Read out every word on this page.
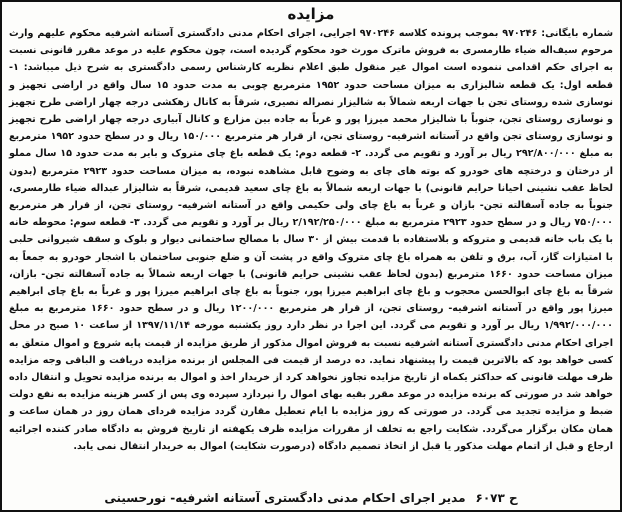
مزایده
شماره بایگانی: ۹۷۰۲۴۶ بموجب پرونده کلاسه ۹۷۰۲۴۶ اجرایی، اجرای احکام مدنی دادگستری آستانه اشرفیه محکوم علیهم وارث مرحوم سیف‌اله ضیاء طارمسری به فروش ماترک مورث خود محکوم گردیده است، چون محکوم علیه در موعد مقرر قانونی نسبت به اجرای حکم اقدامی ننموده است اموال غیر منقول طبق اعلام نظریه کارشناس رسمی دادگستری به شرح ذیل میباشد: ۱- قطعه اول: یک قطعه شالیزاری به میزان مساحت حدود ۱۹۵۲ مترمربع چوبی به مدت حدود ۱۵ سال واقع در اراضی تجهیز و نوسازی شده روستای تجن با جهات اربعه شمالاً به شالیزار نصراله نصیری، شرقاً به کانال زهکشی درجه چهار اراضی طرح تجهیز و نوسازی روستای تجن، جنوباً با شالیزار محمد میرزا پور و غرباً به جاده بین مزارع و کانال آبیاری درجه چهار اراضی طرح تجهیز و نوسازی روستای تجن واقع در آستانه اشرفیه- روستای تجن، از قرار هر مترمربع ۱۵۰/۰۰۰ ریال و در سطح حدود ۱۹۵۲ مترمربع به مبلغ ۲۹۲/۸۰۰/۰۰۰ ریال بر آورد و تقویم می گردد. ۲- قطعه دوم: یک قطعه باغ چای متروک و بایر به مدت حدود ۱۵ سال مملو از درختان و درختچه های خودرو که بوته های چای به وضوح قابل مشاهده نبوده، به میزان مساحت حدود ۲۹۲۳ مترمربع (بدون لحاظ عقب نشینی احیانا حرایم قانونی) با جهات اربعه شمالاً به باغ چای سعید قدیمی، شرقاً به شالیزار عبداله ضیاء طارمسری، جنوباً به جاده آسفالته تجن- بازان و غرباً به باغ چای ولی حکیمی واقع در آستانه اشرفیه- روستای تجن، از قرار هر مترمربع ۷۵۰/۰۰۰ ریال و در سطح حدود ۲۹۲۳ مترمربع به مبلغ ۲/۱۹۲/۲۵۰/۰۰۰ ریال بر آورد و تقویم می گردد. ۳- قطعه سوم: محوطه خانه با یک باب خانه قدیمی و متروکه و بلاستفاده با قدمت بیش از ۳۰ سال با مصالح ساختمانی دیوار و بلوک و سقف شیروانی حلبی با امتیازات گاز، آب، برق و تلفن به همراه باغ چای متروک واقع در پشت آن و ضلع جنوبی ساختمان با اشجار خودرو به جمعاً به میزان مساحت حدود ۱۶۶۰ مترمربع (بدون لحاظ عقب نشینی حرایم قانونی) با جهات اربعه شمالاً به جاده آسفالته تجن- بازان، شرقاً به باغ چای ابوالحسن محجوب و باغ چای ابراهیم میرزا پور، جنوباً به باغ چای ابراهیم میرزا پور و غرباً به باغ چای ابراهیم میرزا پور واقع در آستانه اشرفیه- روستای تجن، از قرار هر مترمربع ۱۲۰۰/۰۰۰ ریال و در سطح حدود ۱۶۶۰ مترمربع به مبلغ ۱/۹۹۲/۰۰۰/۰۰۰ ریال بر آورد و تقویم می گردد. این اجرا در نظر دارد روز یکشنبه مورخه ۱۳۹۷/۱۱/۱۴ از ساعت ۱۰ صبح در محل اجرای احکام مدنی دادگستری آستانه اشرفیه نسبت به فروش اموال مذکور از طریق مزایده از قیمت پایه شروع و اموال متعلق به کسی خواهد بود که بالاترین قیمت را پیشنهاد نماید. ده درصد از قیمت فی المجلس از برنده مزایده دریافت و الباقی وجه مزایده ظرف مهلت قانونی که حداکثر یکماه از تاریخ مزایده تجاوز نخواهد کرد از خریدار اخذ و اموال به برنده مزایده تحویل و انتقال داده خواهد شد در صورتی که برنده مزایده در موعد مقرر بقیه بهای اموال را نپردازد سپرده وی پس از کسر هزینه مزایده به نفع دولت ضبط و مزایده تجدید می گردد. در صورتی که روز مزایده با ایام تعطیل مقارن گردد مزایده فردای همان روز در همان ساعت و همان مکان برگزار می‌گردد. شکایت راجع به تخلف از مقررات مزایده ظرف یکهفته از تاریخ فروش به دادگاه صادر کننده اجرائیه ارجاع و قبل از اتمام مهلت مذکور یا قبل از اتخاذ تصمیم دادگاه (درصورت شکایت) اموال به خریدار انتقال نمی یابد.
ح ۶۰۷۳
مدیر اجرای احکام مدنی دادگستری آستانه اشرفیه- نورحسینی
